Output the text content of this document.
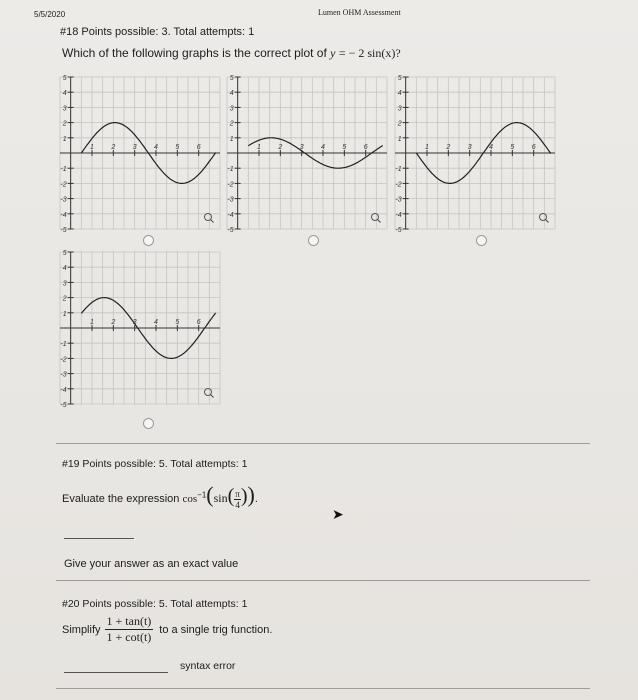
5/5/2020	Lumen OHM Assessment
#18 Points possible: 3. Total attempts: 1
Which of the following graphs is the correct plot of y = − 2 sin(x)?
-5
-4
-3
-2
-1
1
2
3
4
5
1 2 3 4 5 6
-5
-4
-3
-2
-1
1
2
3
4
5
1 2 3 4 5 6
-5
-4
-3
-2
-1
1
2
3
4
5
1 2 3 4 5 6
-5
-4
-3
-2
-1
1
2
3
4
5
1 2 3 4 5 6
#19 Points possible: 5. Total attempts: 1
Evaluate the expression $\cos^{-1}(\sin( \frac{\pi}{4}$ )).
➤
Give your answer as an exact value
#20 Points possible: 5. Total attempts: 1
Simplify $\frac{1 + \tan(t)}{1 + \cot(t)}$ to a single trig function.
syntax error
